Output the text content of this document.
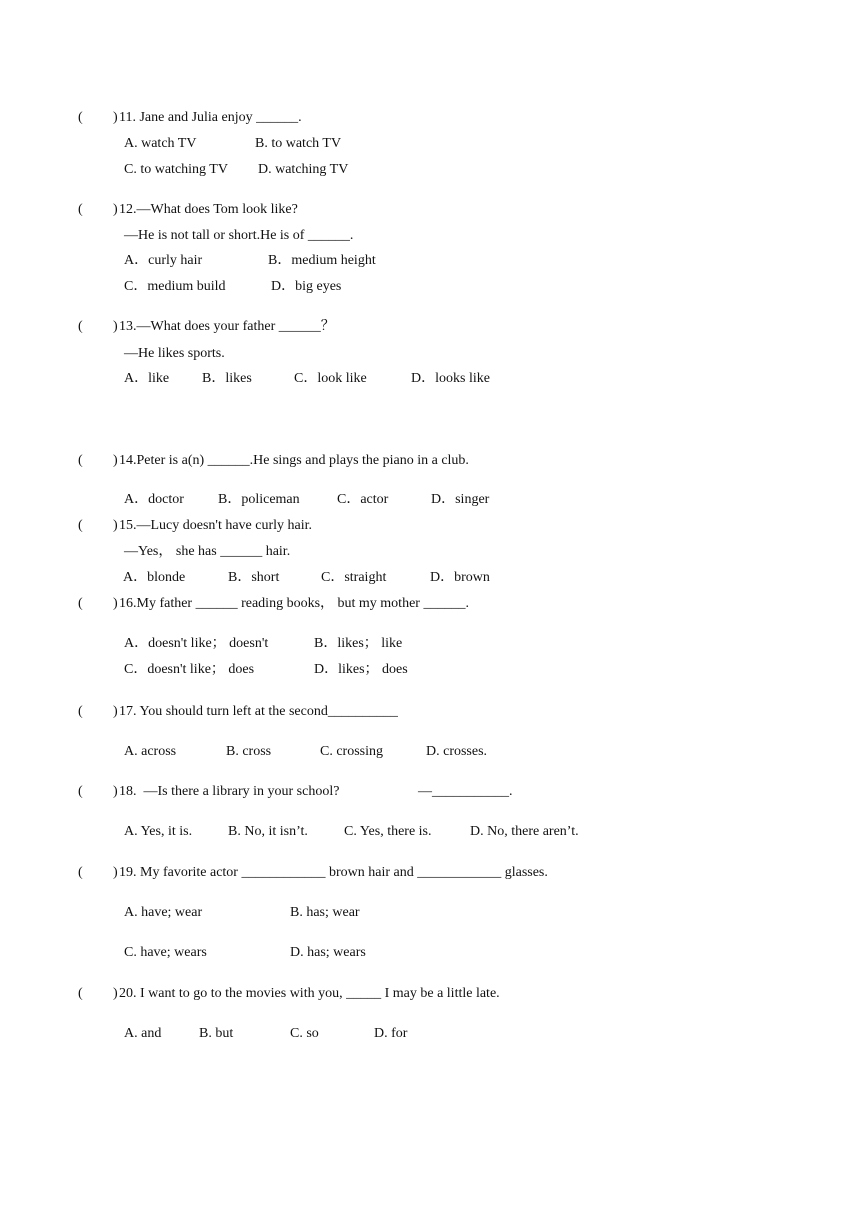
( ) 11. Jane and Julia enjoy ______.
A. watch TV	B. to watch TV
C. to watching TV D. watching TV
( ) 12.—What does Tom look like?
—He is not tall or short.He is of ______.
A．curly hair	B．medium height
C．medium build	D．big eyes
( ) 13.—What does your father ______？
—He likes sports.
A．like B．likes	C．look like	D．looks like
( ) 14.Peter is a(n) ______.He sings and plays the piano in a club.
A．doctor B．policeman	C．actor	D．singer
( ) 15.—Lucy doesn't have curly hair.
—Yes， she has ______ hair.
A．blonde	B．short	C．straight	D．brown
( ) 16.My father ______ reading books， but my mother ______.
A．doesn't like； doesn't	B．likes； like
C．doesn't like； does	D．likes； does
( ) 17. You should turn left at the second__________
A. across	B. cross	C. crossing	D. crosses.
( ) 18.  —Is there a library in your school?	—___________.
A. Yes, it is.	B. No, it isn’t.	C. Yes, there is.	D. No, there aren’t.
( ) 19. My favorite actor ____________ brown hair and ____________ glasses.
A. have; wear	B. has; wear
C. have; wears	D. has; wears
( ) 20. I want to go to the movies with you, _____ I may be a little late.
A. and	B. but	C. so	D. for
